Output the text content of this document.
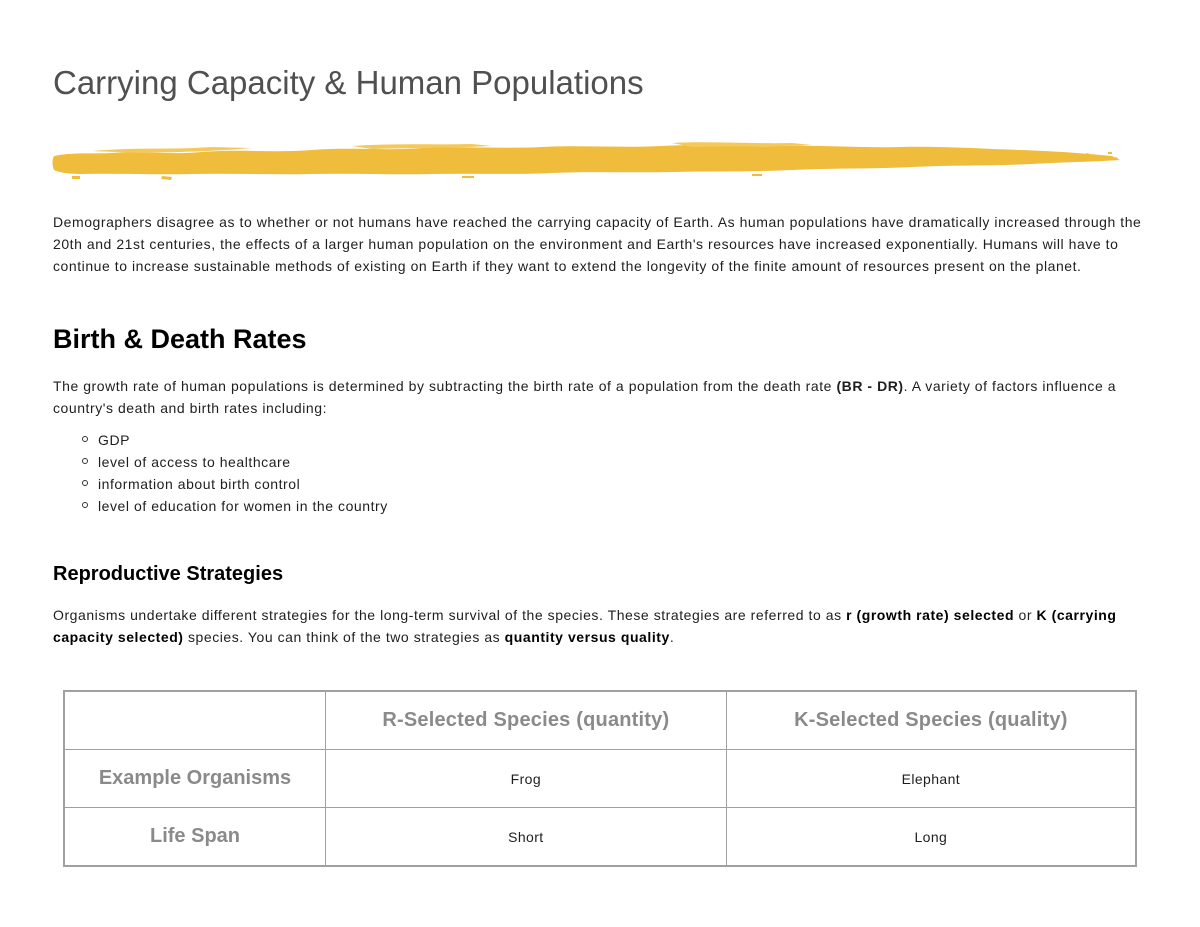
Carrying Capacity & Human Populations

Demographers disagree as to whether or not humans have reached the carrying capacity of Earth. As human populations have dramatically increased through the 20th and 21st centuries, the effects of a larger human population on the environment and Earth's resources have increased exponentially. Humans will have to continue to increase sustainable methods of existing on Earth if they want to extend the longevity of the finite amount of resources present on the planet.

Birth & Death Rates

The growth rate of human populations is determined by subtracting the birth rate of a population from the death rate (BR - DR). A variety of factors influence a country's death and birth rates including:

GDP
level of access to healthcare
information about birth control
level of education for women in the country
Reproductive Strategies

Organisms undertake different strategies for the long-term survival of the species. These strategies are referred to as r (growth rate) selected or K (carrying capacity selected) species. You can think of the two strategies as quantity versus quality.

	R-Selected Species (quantity)	K-Selected Species (quality)
Example Organisms	Frog	Elephant
Life Span	Short	Long
